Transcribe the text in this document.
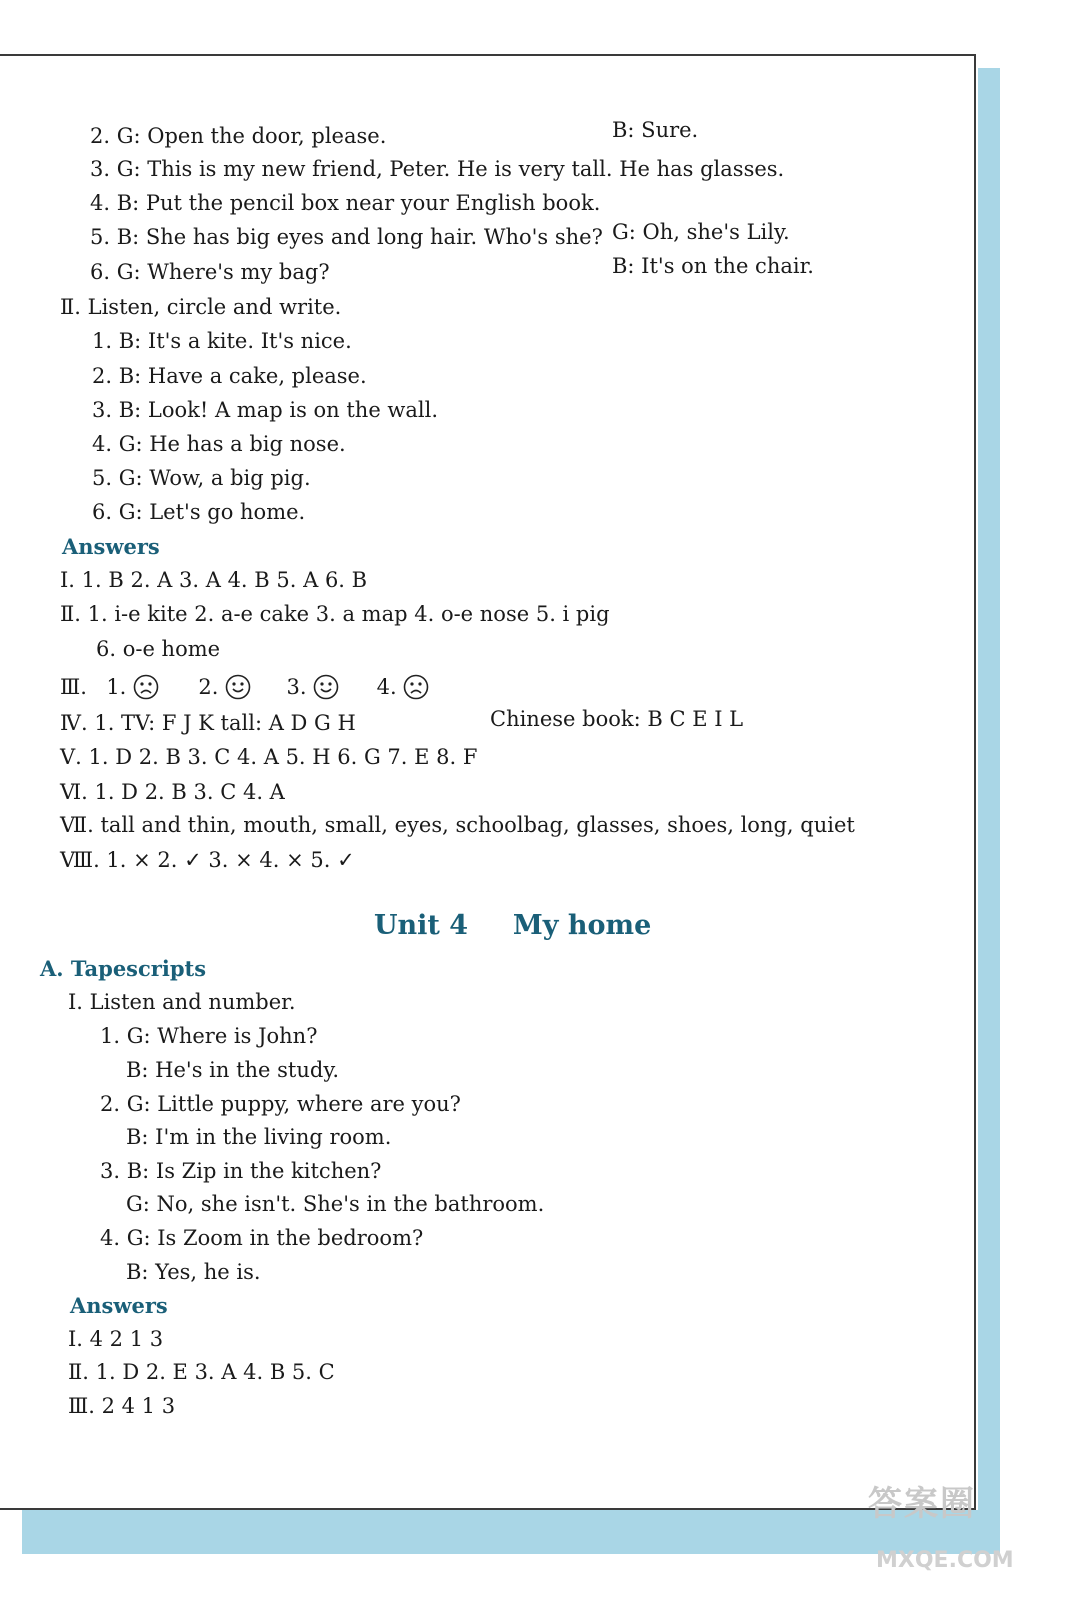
2. G: Open the door, please.	B: Sure.
3. G: This is my new friend, Peter. He is very tall. He has glasses.
4. B: Put the pencil box near your English book.
5. B: She has big eyes and long hair. Who's she? G: Oh, she's Lily.
6. G: Where's my bag?	B: It's on the chair.
Ⅱ. Listen, circle and write.
1. B: It's a kite. It's nice.
2. B: Have a cake, please.
3. B: Look! A map is on the wall.
4. G: He has a big nose.
5. G: Wow, a big pig.
6. G: Let's go home.
Answers
Ⅰ. 1. B 2. A 3. A 4. B 5. A 6. B
Ⅱ. 1. i-e kite 2. a-e cake 3. a map 4. o-e nose 5. i pig
6. o-e home
Ⅲ. 1.	2.	3.	4.
Ⅳ. 1. TV: F J K tall: A D G H	Chinese book: B C E I L
Ⅴ. 1. D 2. B 3. C 4. A 5. H 6. G 7. E 8. F
Ⅵ. 1. D 2. B 3. C 4. A
Ⅶ. tall and thin, mouth, small, eyes, schoolbag, glasses, shoes, long, quiet
Ⅷ. 1. × 2. ✓ 3. × 4. × 5. ✓
Unit 4 My home
A. Tapescripts
Ⅰ. Listen and number.
1. G: Where is John?
B: He's in the study.
2. G: Little puppy, where are you?
B: I'm in the living room.
3. B: Is Zip in the kitchen?
G: No, she isn't. She's in the bathroom.
4. G: Is Zoom in the bedroom?
B: Yes, he is.
Answers
Ⅰ. 4 2 1 3
Ⅱ. 1. D 2. E 3. A 4. B 5. C
Ⅲ. 2 4 1 3
答案圈
MXQE.COM
